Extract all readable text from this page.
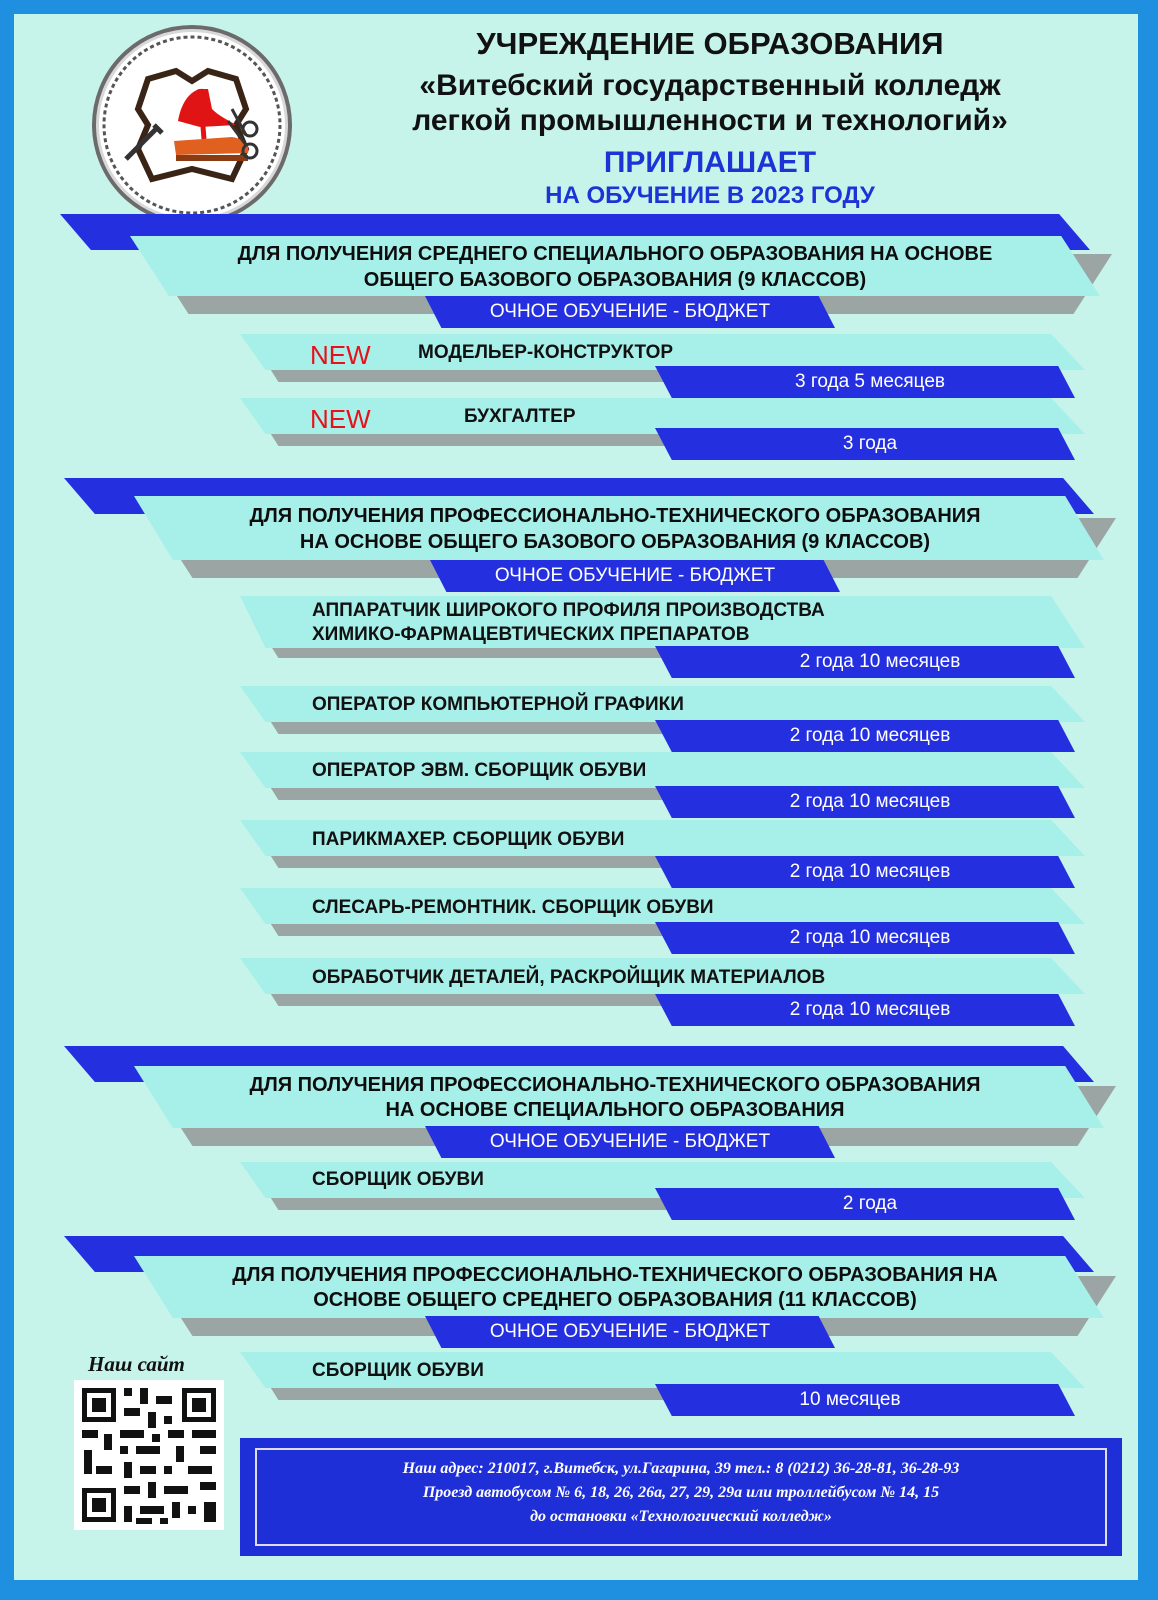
УЧРЕЖДЕНИЕ ОБРАЗОВАНИЯ
«Витебский государственный колледж
легкой промышленности и технологий»
ПРИГЛАШАЕТ
НА ОБУЧЕНИЕ В 2023 ГОДУ
ДЛЯ ПОЛУЧЕНИЯ СРЕДНЕГО СПЕЦИАЛЬНОГО ОБРАЗОВАНИЯ НА ОСНОВЕ
ОБЩЕГО БАЗОВОГО ОБРАЗОВАНИЯ (9 КЛАССОВ)
ОЧНОЕ ОБУЧЕНИЕ - БЮДЖЕТ
NEW МОДЕЛЬЕР-КОНСТРУКТОР
3 года 5 месяцев
NEW	БУХГАЛТЕР
3 года
ДЛЯ ПОЛУЧЕНИЯ ПРОФЕССИОНАЛЬНО-ТЕХНИЧЕСКОГО ОБРАЗОВАНИЯ
НА ОСНОВЕ ОБЩЕГО БАЗОВОГО ОБРАЗОВАНИЯ (9 КЛАССОВ)
ОЧНОЕ ОБУЧЕНИЕ - БЮДЖЕТ
АППАРАТЧИК ШИРОКОГО ПРОФИЛЯ ПРОИЗВОДСТВА
ХИМИКО-ФАРМАЦЕВТИЧЕСКИХ ПРЕПАРАТОВ
2 года 10 месяцев
ОПЕРАТОР КОМПЬЮТЕРНОЙ ГРАФИКИ
2 года 10 месяцев
ОПЕРАТОР ЭВМ. СБОРЩИК ОБУВИ
2 года 10 месяцев
ПАРИКМАХЕР. СБОРЩИК ОБУВИ
2 года 10 месяцев
СЛЕСАРЬ-РЕМОНТНИК. СБОРЩИК ОБУВИ
2 года 10 месяцев
ОБРАБОТЧИК ДЕТАЛЕЙ, РАСКРОЙЩИК МАТЕРИАЛОВ
2 года 10 месяцев
ДЛЯ ПОЛУЧЕНИЯ ПРОФЕССИОНАЛЬНО-ТЕХНИЧЕСКОГО ОБРАЗОВАНИЯ
НА ОСНОВЕ СПЕЦИАЛЬНОГО ОБРАЗОВАНИЯ
ОЧНОЕ ОБУЧЕНИЕ - БЮДЖЕТ
СБОРЩИК ОБУВИ
2 года
ДЛЯ ПОЛУЧЕНИЯ ПРОФЕССИОНАЛЬНО-ТЕХНИЧЕСКОГО ОБРАЗОВАНИЯ НА
ОСНОВЕ ОБЩЕГО СРЕДНЕГО ОБРАЗОВАНИЯ (11 КЛАССОВ)
ОЧНОЕ ОБУЧЕНИЕ - БЮДЖЕТ
СБОРЩИК ОБУВИ
10 месяцев
Наш сайт
Наш адрес: 210017, г.Витебск, ул.Гагарина, 39 тел.: 8 (0212) 36-28-81, 36-28-93
Проезд автобусом № 6, 18, 26, 26а, 27, 29, 29а или троллейбусом № 14, 15
до остановки «Технологический колледж»
